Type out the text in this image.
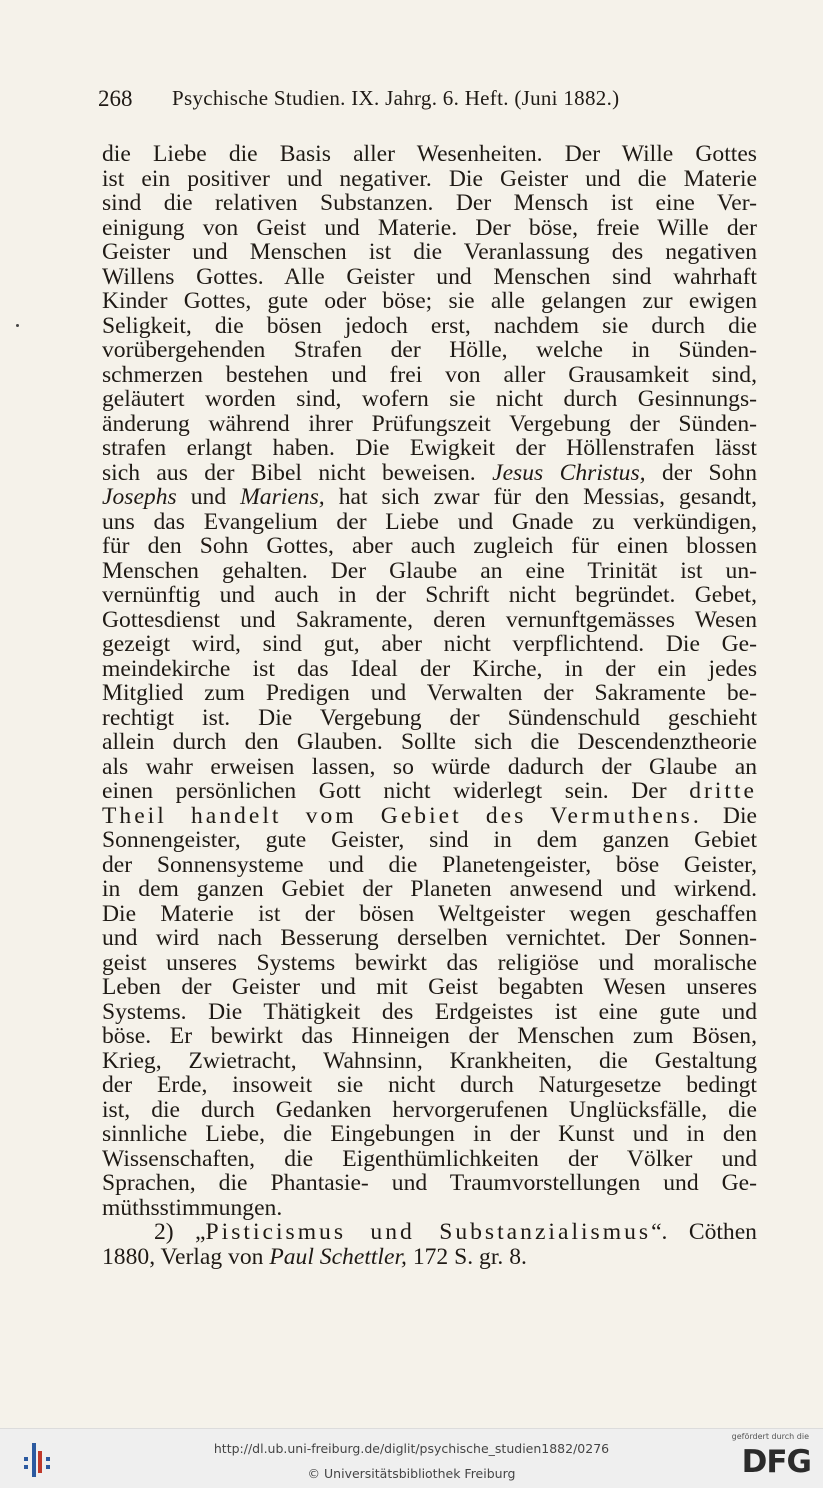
268 Psychische Studien. IX. Jahrg. 6. Heft. (Juni 1882.)
die Liebe die Basis aller Wesenheiten. Der Wille Gottes
ist ein positiver und negativer. Die Geister und die Materie
sind die relativen Substanzen. Der Mensch ist eine Ver-
einigung von Geist und Materie. Der böse, freie Wille der
Geister und Menschen ist die Veranlassung des negativen
Willens Gottes. Alle Geister und Menschen sind wahrhaft
Kinder Gottes, gute oder böse; sie alle gelangen zur ewigen
Seligkeit, die bösen jedoch erst, nachdem sie durch die
vorübergehenden Strafen der Hölle, welche in Sünden-
schmerzen bestehen und frei von aller Grausamkeit sind,
geläutert worden sind, wofern sie nicht durch Gesinnungs-
änderung während ihrer Prüfungszeit Vergebung der Sünden-
strafen erlangt haben. Die Ewigkeit der Höllenstrafen lässt
sich aus der Bibel nicht beweisen. Jesus Christus, der Sohn
Josephs und Mariens, hat sich zwar für den Messias, gesandt,
uns das Evangelium der Liebe und Gnade zu verkündigen,
für den Sohn Gottes, aber auch zugleich für einen blossen
Menschen gehalten. Der Glaube an eine Trinität ist un-
vernünftig und auch in der Schrift nicht begründet. Gebet,
Gottesdienst und Sakramente, deren vernunftgemässes Wesen
gezeigt wird, sind gut, aber nicht verpflichtend. Die Ge-
meindekirche ist das Ideal der Kirche, in der ein jedes
Mitglied zum Predigen und Verwalten der Sakramente be-
rechtigt ist. Die Vergebung der Sündenschuld geschieht
allein durch den Glauben. Sollte sich die Descendenztheorie
als wahr erweisen lassen, so würde dadurch der Glaube an
einen persönlichen Gott nicht widerlegt sein. Der dritte
Theil handelt vom Gebiet des Vermuthens. Die
Sonnengeister, gute Geister, sind in dem ganzen Gebiet
der Sonnensysteme und die Planetengeister, böse Geister,
in dem ganzen Gebiet der Planeten anwesend und wirkend.
Die Materie ist der bösen Weltgeister wegen geschaffen
und wird nach Besserung derselben vernichtet. Der Sonnen-
geist unseres Systems bewirkt das religiöse und moralische
Leben der Geister und mit Geist begabten Wesen unseres
Systems. Die Thätigkeit des Erdgeistes ist eine gute und
böse. Er bewirkt das Hinneigen der Menschen zum Bösen,
Krieg, Zwietracht, Wahnsinn, Krankheiten, die Gestaltung
der Erde, insoweit sie nicht durch Naturgesetze bedingt
ist, die durch Gedanken hervorgerufenen Unglücksfälle, die
sinnliche Liebe, die Eingebungen in der Kunst und in den
Wissenschaften, die Eigenthümlichkeiten der Völker und
Sprachen, die Phantasie- und Traumvorstellungen und Ge-
müthsstimmungen.
2) „Pisticismus und Substanzialismus“. Cöthen
1880, Verlag von Paul Schettler, 172 S. gr. 8.
http://dl.ub.uni-freiburg.de/diglit/psychische_studien1882/0276
© Universitätsbibliothek Freiburg
gefördert durch die
DFG
